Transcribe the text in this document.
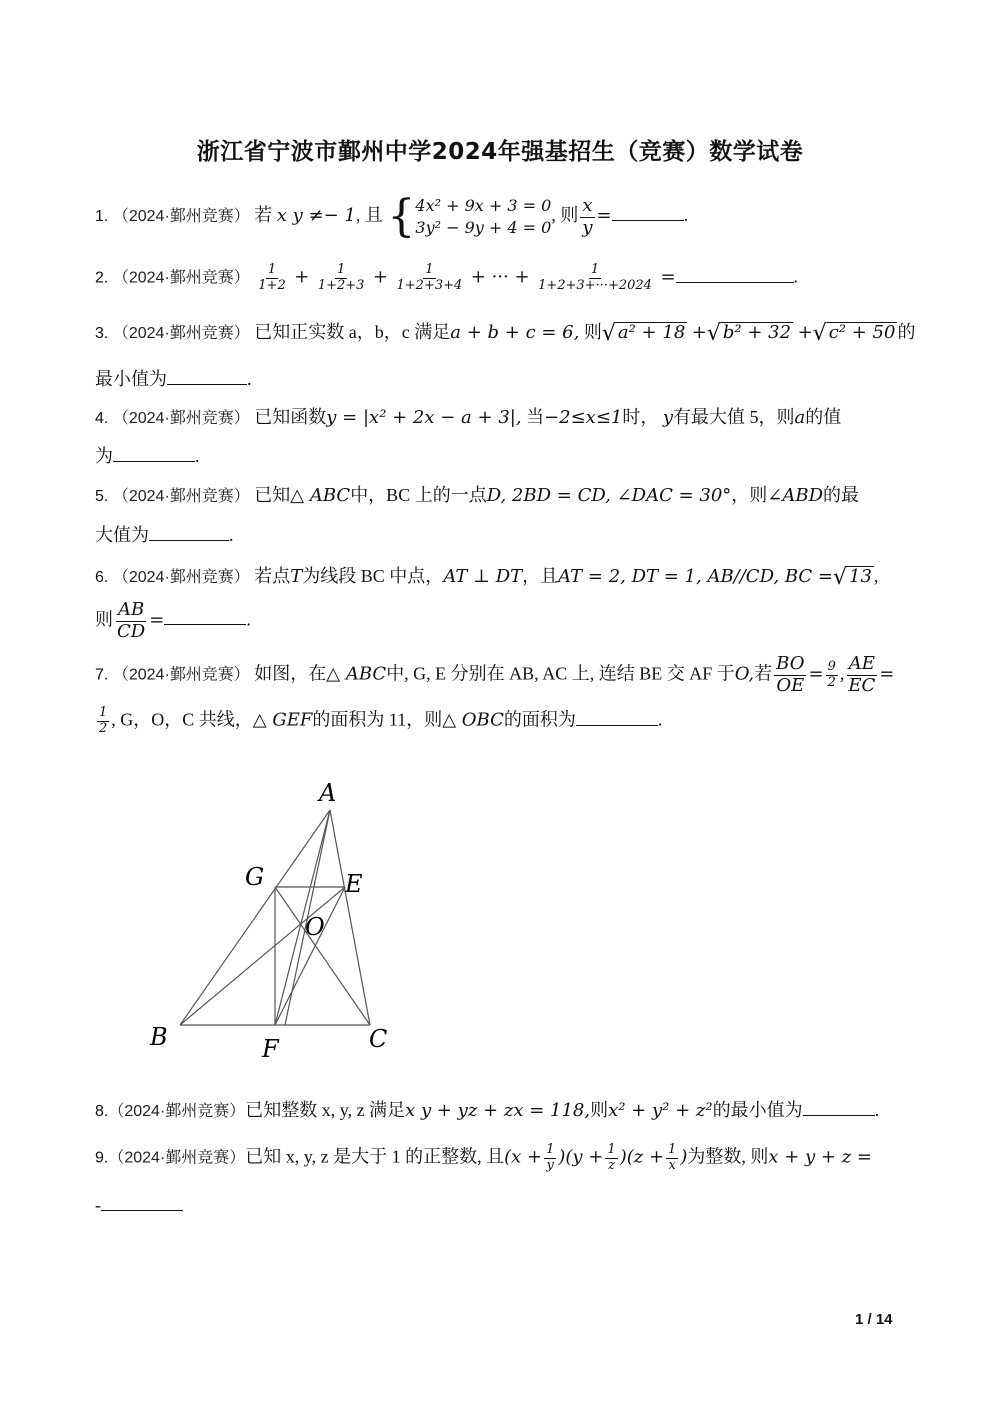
浙江省宁波市鄞州中学2024年强基招生（竞赛）数学试卷
1. （2024·鄞州竞赛） 若 x y ≠− 1, 且 { 4x² + 9x + 3 = 0
3y² − 9y + 4 = 0
, 则 $\frac{x}{y}$ =	.
2. （2024·鄞州竞赛） $\frac{1}{1+2} + \frac{1}{1+2+3} + \frac{1}{1+2+3+4}$ + ··· + $\frac{1}{1+2+3+\cdot\cdot\cdot+2024}$ =	.
3. （2024·鄞州竞赛） 已知正实数 a，b，c 满足a + b + c = 6, 则√ a² + 18 +√ b² + 32 +√ c² + 50 的
最小值为	.
4. （2024·鄞州竞赛） 已知函数y = |x² + 2x − a + 3|, 当−2≤x≤1时， y有最大值 5，则a的值
为	.
5. （2024·鄞州竞赛） 已知△ ABC中，BC 上的一点D, 2BD = CD, ∠DAC = 30°，则∠ABD的最
大值为	.
6. （2024·鄞州竞赛） 若点T为线段 BC 中点，AT ⊥ DT，且AT = 2, DT = 1, AB//CD, BC =√ 13 ,
则 $\frac{AB}{CD}$ =	.
7. （2024·鄞州竞赛） 如图，在△ ABC中, G, E 分别在 AB, AC 上, 连结 BE 交 AF 于O,若 $\frac{BO}{OE} = \frac{9}{2}$ , $\frac{AE}{EC}$ =
$\frac{1}{2}$ , G，O，C 共线，△ GEF的面积为 11，则△ OBC的面积为	.
A
G	E
O
B	F	C
8.（2024·鄞州竞赛）已知整数 x, y, z 满足x y + yz + zx = 118,则x² + y² + z²的最小值为	.
9.（2024·鄞州竞赛）已知 x, y, z 是大于 1 的正整数, 且$(x + \frac{1}{y} )(y + \frac{1}{z} )(z + \frac{1}{x}$ )为整数, 则x + y + z =
-
1 / 14
